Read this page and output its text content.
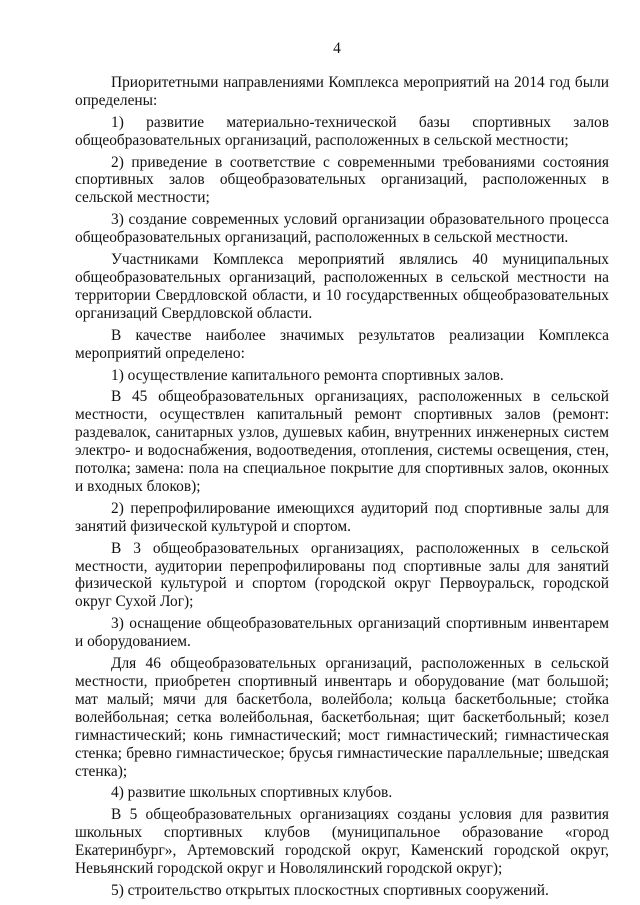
4

Приоритетными направлениями Комплекса мероприятий на 2014 год были определены:

1) развитие материально-технической базы спортивных залов общеобразовательных организаций, расположенных в сельской местности;

2) приведение в соответствие с современными требованиями состояния спортивных залов общеобразовательных организаций, расположенных в сельской местности;

3) создание современных условий организации образовательного процесса общеобразовательных организаций, расположенных в сельской местности.

Участниками Комплекса мероприятий являлись 40 муниципальных общеобразовательных организаций, расположенных в сельской местности на территории Свердловской области, и 10 государственных общеобразовательных организаций Свердловской области.

В качестве наиболее значимых результатов реализации Комплекса мероприятий определено:

1) осуществление капитального ремонта спортивных залов.

В 45 общеобразовательных организациях, расположенных в сельской местности, осуществлен капитальный ремонт спортивных залов (ремонт: раздевалок, санитарных узлов, душевых кабин, внутренних инженерных систем электро- и водоснабжения, водоотведения, отопления, системы освещения, стен, потолка; замена: пола на специальное покрытие для спортивных залов, оконных и входных блоков);

2) перепрофилирование имеющихся аудиторий под спортивные залы для занятий физической культурой и спортом.

В 3 общеобразовательных организациях, расположенных в сельской местности, аудитории перепрофилированы под спортивные залы для занятий физической культурой и спортом (городской округ Первоуральск, городской округ Сухой Лог);

3) оснащение общеобразовательных организаций спортивным инвентарем и оборудованием.

Для 46 общеобразовательных организаций, расположенных в сельской местности, приобретен спортивный инвентарь и оборудование (мат большой; мат малый; мячи для баскетбола, волейбола; кольца баскетбольные; стойка волейбольная; сетка волейбольная, баскетбольная; щит баскетбольный; козел гимнастический; конь гимнастический; мост гимнастический; гимнастическая стенка; бревно гимнастическое; брусья гимнастические параллельные; шведская стенка);

4) развитие школьных спортивных клубов.

В 5 общеобразовательных организациях созданы условия для развития школьных спортивных клубов (муниципальное образование «город Екатеринбург», Артемовский городской округ, Каменский городской округ, Невьянский городской округ и Новолялинский городской округ);

5) строительство открытых плоскостных спортивных сооружений.
